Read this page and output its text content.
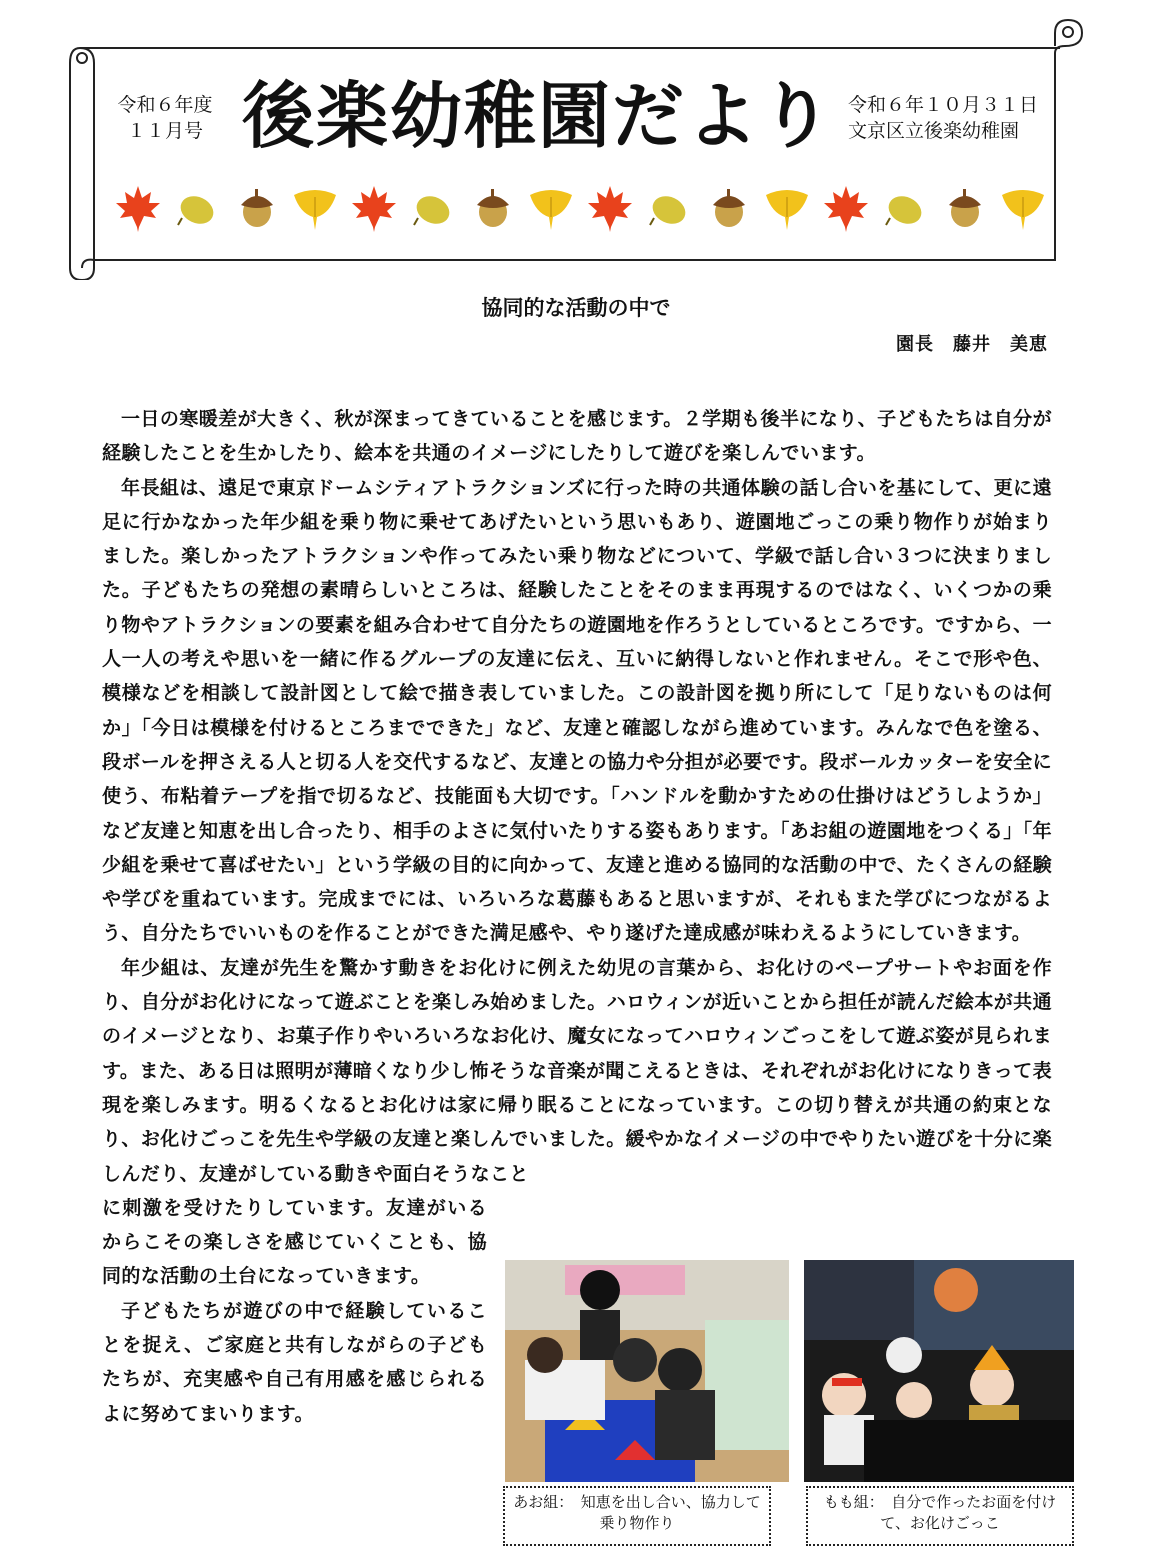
令和６年度
１１月号 後楽幼稚園だより 令和６年１０月３１日
文京区立後楽幼稚園
協同的な活動の中で
園長　藤井　美恵

一日の寒暖差が大きく、秋が深まってきていることを感じます。２学期も後半になり、子どもたちは自分が経験したことを生かしたり、絵本を共通のイメージにしたりして遊びを楽しんでいます。

年長組は、遠足で東京ドームシティアトラクションズに行った時の共通体験の話し合いを基にして、更に遠足に行かなかった年少組を乗り物に乗せてあげたいという思いもあり、遊園地ごっこの乗り物作りが始まりました。楽しかったアトラクションや作ってみたい乗り物などについて、学級で話し合い３つに決まりました。子どもたちの発想の素晴らしいところは、経験したことをそのまま再現するのではなく、いくつかの乗り物やアトラクションの要素を組み合わせて自分たちの遊園地を作ろうとしているところです。ですから、一人一人の考えや思いを一緒に作るグループの友達に伝え、互いに納得しないと作れません。そこで形や色、模様などを相談して設計図として絵で描き表していました。この設計図を拠り所にして「足りないものは何か」「今日は模様を付けるところまでできた」など、友達と確認しながら進めています。みんなで色を塗る、段ボールを押さえる人と切る人を交代するなど、友達との協力や分担が必要です。段ボールカッターを安全に使う、布粘着テープを指で切るなど、技能面も大切です。「ハンドルを動かすための仕掛けはどうしようか」など友達と知恵を出し合ったり、相手のよさに気付いたりする姿もあります。「あお組の遊園地をつくる」「年少組を乗せて喜ばせたい」という学級の目的に向かって、友達と進める協同的な活動の中で、たくさんの経験や学びを重ねています。完成までには、いろいろな葛藤もあると思いますが、それもまた学びにつながるよう、自分たちでいいものを作ることができた満足感や、やり遂げた達成感が味わえるようにしていきます。

年少組は、友達が先生を驚かす動きをお化けに例えた幼児の言葉から、お化けのペープサートやお面を作り、自分がお化けになって遊ぶことを楽しみ始めました。ハロウィンが近いことから担任が読んだ絵本が共通のイメージとなり、お菓子作りやいろいろなお化け、魔女になってハロウィンごっこをして遊ぶ姿が見られます。また、ある日は照明が薄暗くなり少し怖そうな音楽が聞こえるときは、それぞれがお化けになりきって表現を楽しみます。明るくなるとお化けは家に帰り眠ることになっています。この切り替えが共通の約束となり、お化けごっこを先生や学級の友達と楽しんでいました。緩やかなイメージの中でやりたい遊びを十分に楽しんだり、友達がしている動きや面白そうなこと

に刺激を受けたりしています。友達がいるからこその楽しさを感じていくことも、協同的な活動の土台になっていきます。

子どもたちが遊びの中で経験していることを捉え、ご家庭と共有しながらの子どもたちが、充実感や自己有用感を感じられるよに努めてまいります。

あお組：　知恵を出し合い、協力して乗り物作り
もも組：　自分で作ったお面を付けて、お化けごっこ
